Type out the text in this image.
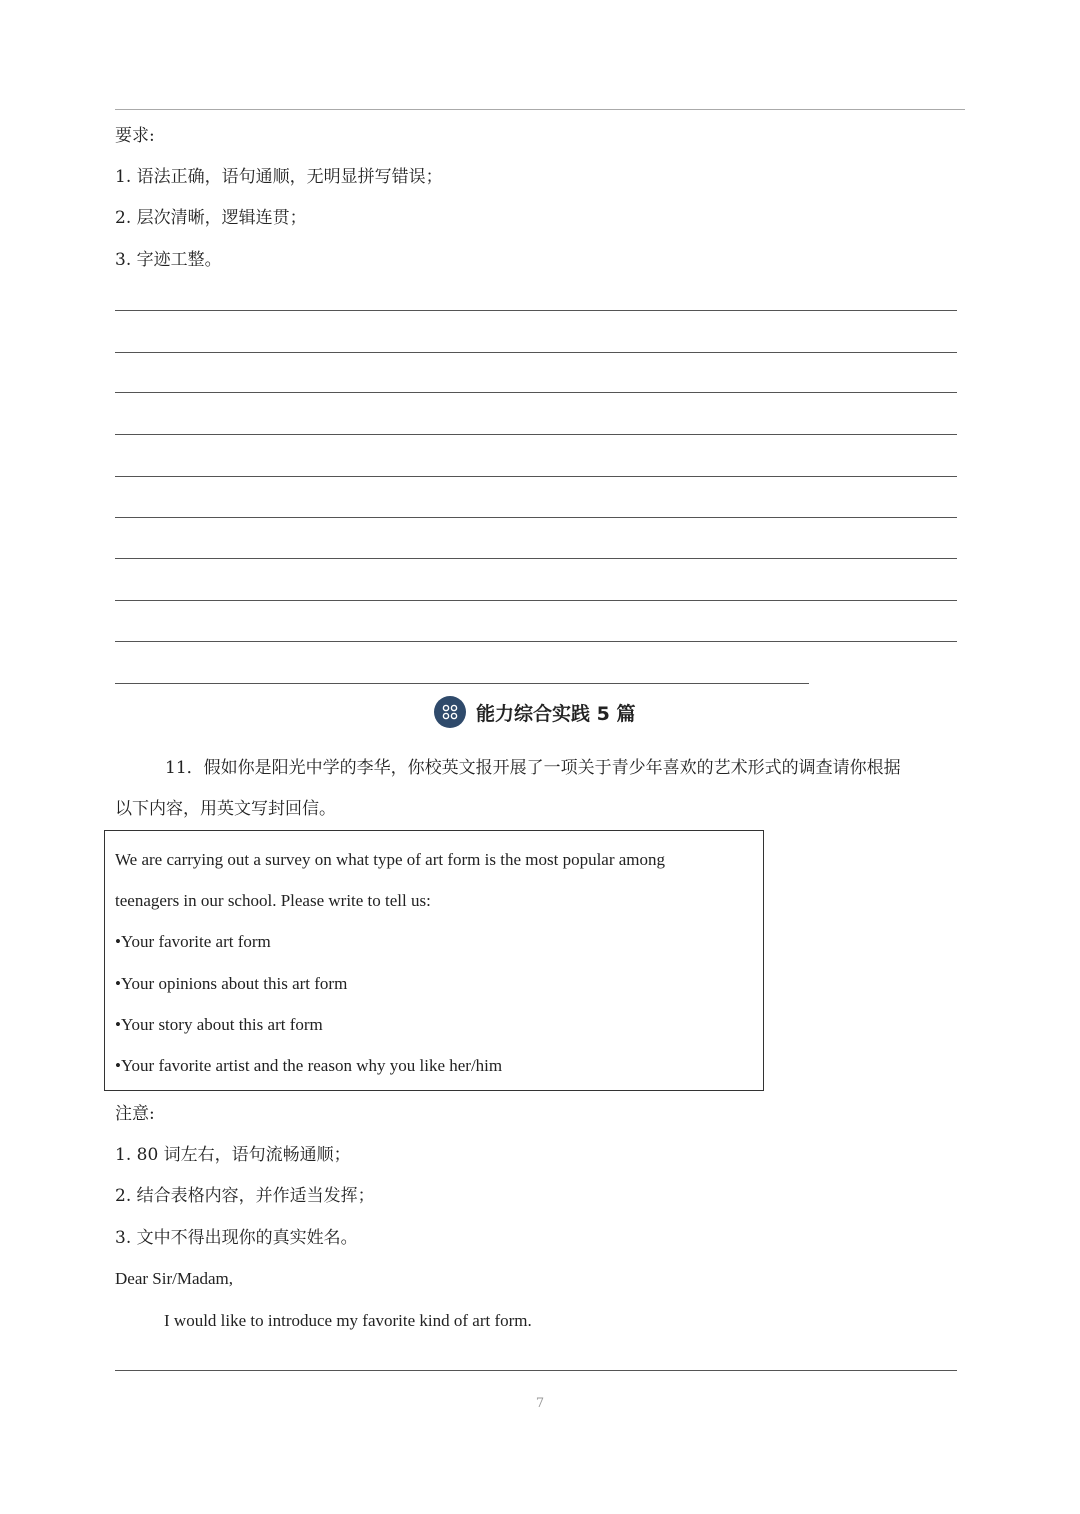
要求:
1. 语法正确，语句通顺，无明显拼写错误；
2. 层次清晰，逻辑连贯；
3. 字迹工整。
能力综合实践 5 篇
11．假如你是阳光中学的李华，你校英文报开展了一项关于青少年喜欢的艺术形式的调查请你根据
以下内容，用英文写封回信。
We are carrying out a survey on what type of art form is the most popular among
teenagers in our school. Please write to tell us:
•Your favorite art form
•Your opinions about this art form
•Your story about this art form
•Your favorite artist and the reason why you like her/him
注意:
1. 80 词左右，语句流畅通顺；
2. 结合表格内容，并作适当发挥；
3. 文中不得出现你的真实姓名。
Dear Sir/Madam,
I would like to introduce my favorite kind of art form.
7
